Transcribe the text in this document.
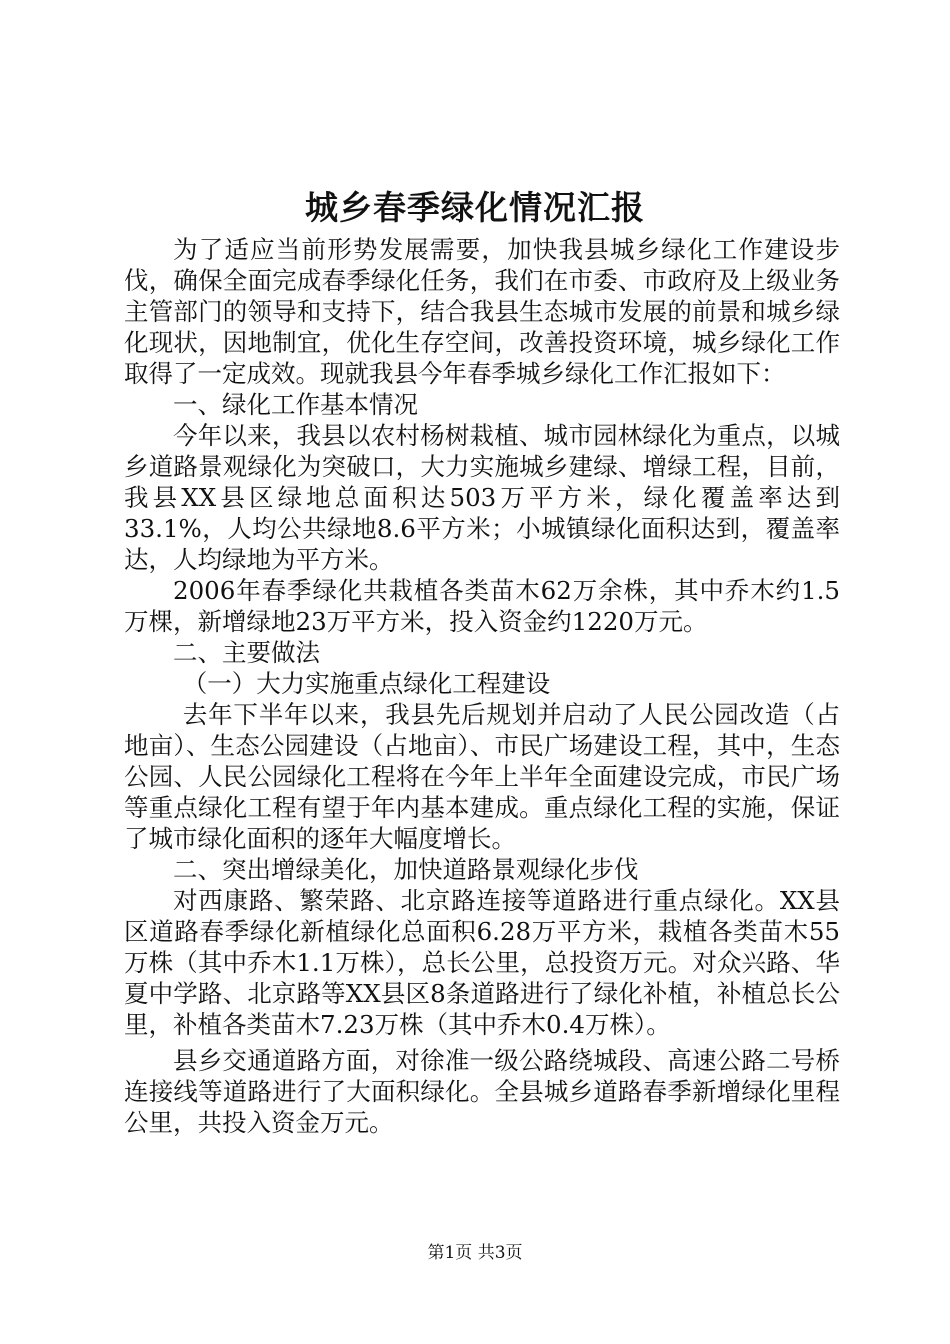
城乡春季绿化情况汇报

为了适应当前形势发展需要，加快我县城乡绿化工作建设步伐，确保全面完成春季绿化任务，我们在市委、市政府及上级业务主管部门的领导和支持下，结合我县生态城市发展的前景和城乡绿化现状，因地制宜，优化生存空间，改善投资环境，城乡绿化工作取得了一定成效。现就我县今年春季城乡绿化工作汇报如下：

一、绿化工作基本情况

今年以来，我县以农村杨树栽植、城市园林绿化为重点，以城乡道路景观绿化为突破口，大力实施城乡建绿、增绿工程，目前，我县XX县区绿地总面积达503万平方米，绿化覆盖率达到33.1%，人均公共绿地8.6平方米；小城镇绿化面积达到，覆盖率达，人均绿地为平方米。

2006年春季绿化共栽植各类苗木62万余株，其中乔木约1.5万棵，新增绿地23万平方米，投入资金约1220万元。

二、主要做法

（一）大力实施重点绿化工程建设

去年下半年以来，我县先后规划并启动了人民公园改造（占地亩）、生态公园建设（占地亩）、市民广场建设工程，其中，生态公园、人民公园绿化工程将在今年上半年全面建设完成，市民广场等重点绿化工程有望于年内基本建成。重点绿化工程的实施，保证了城市绿化面积的逐年大幅度增长。

二、突出增绿美化，加快道路景观绿化步伐

对西康路、繁荣路、北京路连接等道路进行重点绿化。XX县区道路春季绿化新植绿化总面积6.28万平方米，栽植各类苗木55万株（其中乔木1.1万株），总长公里，总投资万元。对众兴路、华夏中学路、北京路等XX县区8条道路进行了绿化补植，补植总长公里，补植各类苗木7.23万株（其中乔木0.4万株）。

县乡交通道路方面，对徐准一级公路绕城段、高速公路二号桥连接线等道路进行了大面积绿化。全县城乡道路春季新增绿化里程公里，共投入资金万元。

第1页 共3页
